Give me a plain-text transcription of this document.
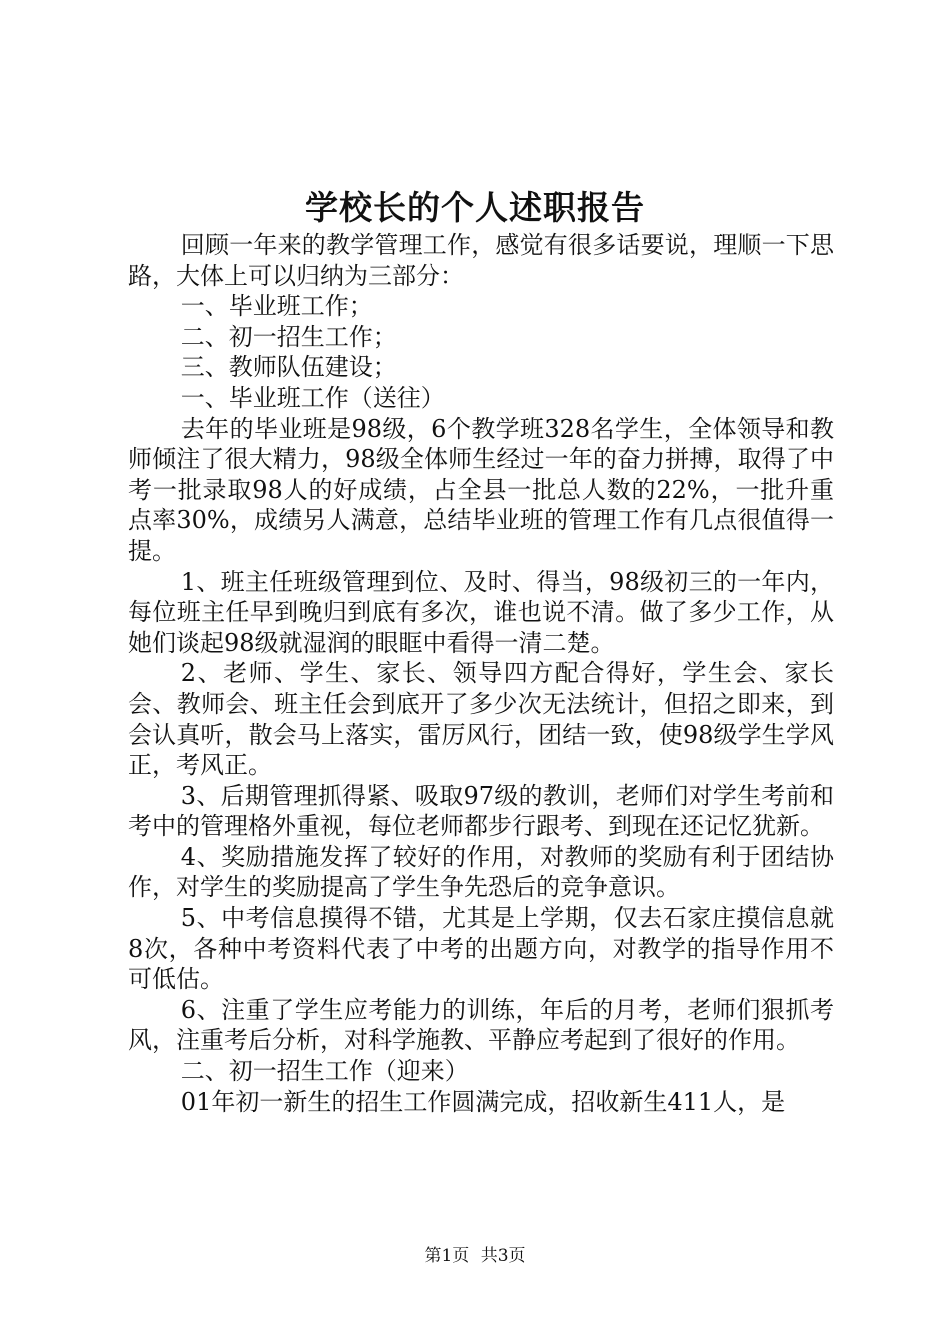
学校长的个人述职报告

回顾一年来的教学管理工作，感觉有很多话要说，理顺一下思路，大体上可以归纳为三部分：

一、毕业班工作；

二、初一招生工作；

三、教师队伍建设；

一、毕业班工作（送往）

去年的毕业班是98级，6个教学班328名学生，全体领导和教师倾注了很大精力，98级全体师生经过一年的奋力拼搏，取得了中考一批录取98人的好成绩，占全县一批总人数的22%，一批升重点率30%，成绩另人满意，总结毕业班的管理工作有几点很值得一提。

1、班主任班级管理到位、及时、得当，98级初三的一年内，每位班主任早到晚归到底有多次，谁也说不清。做了多少工作，从她们谈起98级就湿润的眼眶中看得一清二楚。

2、老师、学生、家长、领导四方配合得好，学生会、家长会、教师会、班主任会到底开了多少次无法统计，但招之即来，到会认真听，散会马上落实，雷厉风行，团结一致，使98级学生学风正，考风正。

3、后期管理抓得紧、吸取97级的教训，老师们对学生考前和考中的管理格外重视，每位老师都步行跟考、到现在还记忆犹新。

4、奖励措施发挥了较好的作用，对教师的奖励有利于团结协作，对学生的奖励提高了学生争先恐后的竞争意识。

5、中考信息摸得不错，尤其是上学期，仅去石家庄摸信息就8次，各种中考资料代表了中考的出题方向，对教学的指导作用不可低估。

6、注重了学生应考能力的训练，年后的月考，老师们狠抓考风，注重考后分析，对科学施教、平静应考起到了很好的作用。

二、初一招生工作（迎来）

01年初一新生的招生工作圆满完成，招收新生411人，是

第1页 共3页
